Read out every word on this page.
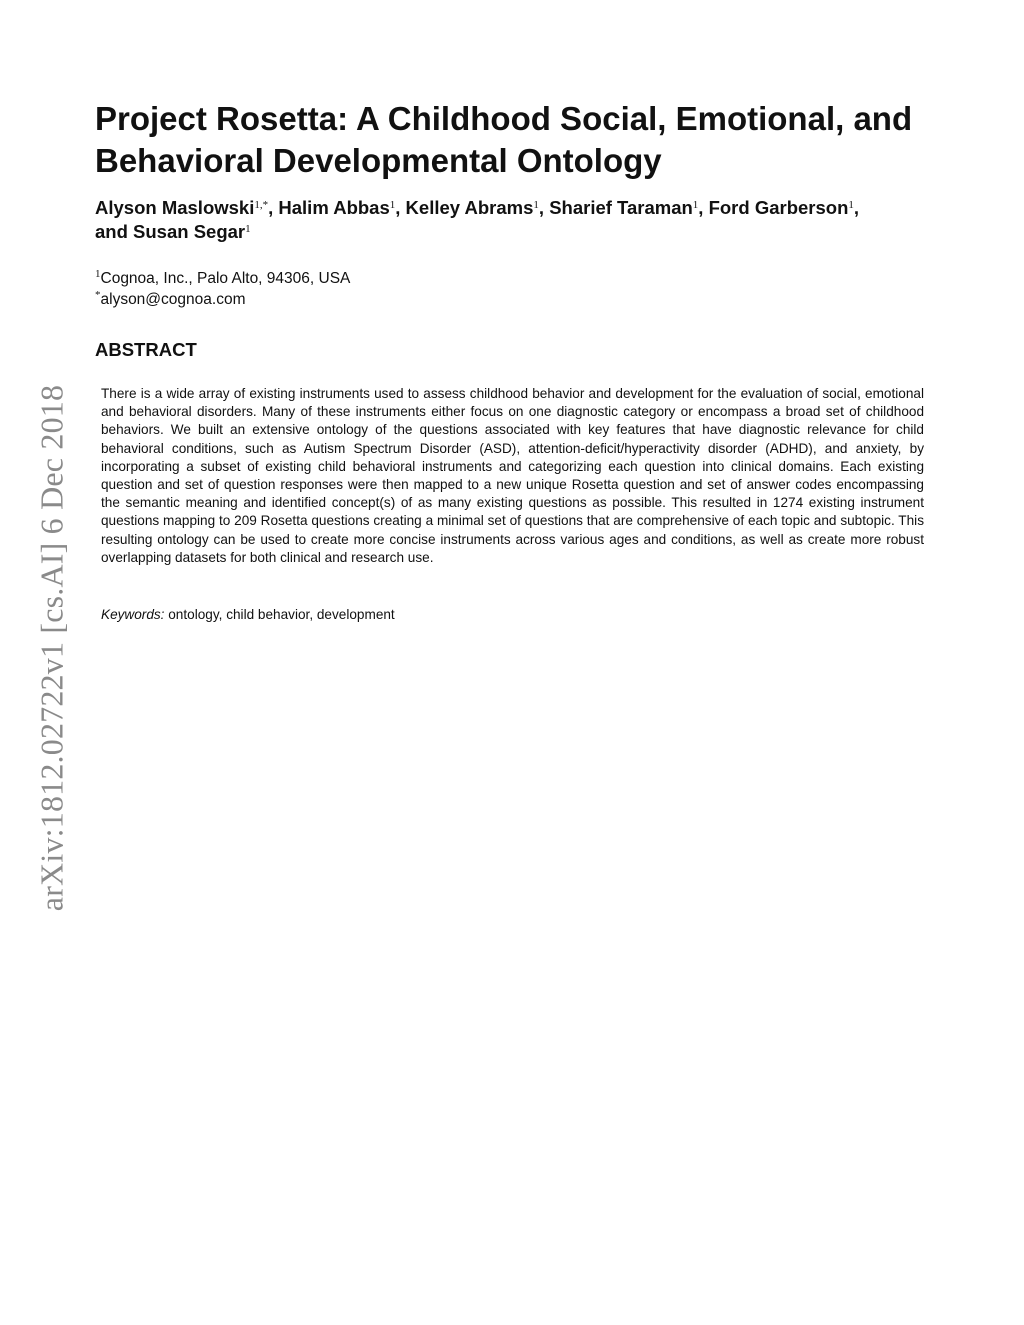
arXiv:1812.02722v1 [cs.AI] 6 Dec 2018
Project Rosetta: A Childhood Social, Emotional, and
Behavioral Developmental Ontology
Alyson Maslowski$^{1,*}$, Halim Abbas$^1$, Kelley Abrams$^1$, Sharief Taraman$^1$, Ford Garberson$^1$, and Susan Segar$^1$
$^1$Cognoa, Inc., Palo Alto, 94306, USA
*alyson@cognoa.com
ABSTRACT

There is a wide array of existing instruments used to assess childhood behavior and development for the evaluation of social, emotional and behavioral disorders. Many of these instruments either focus on one diagnostic category or encompass a broad set of childhood behaviors. We built an extensive ontology of the questions associated with key features that have diagnostic relevance for child behavioral conditions, such as Autism Spectrum Disorder (ASD), attention-deficit/hyperactivity disorder (ADHD), and anxiety, by incorporating a subset of existing child behavioral instruments and categorizing each question into clinical domains. Each existing question and set of question responses were then mapped to a new unique Rosetta question and set of answer codes encompassing the semantic meaning and identified concept(s) of as many existing questions as possible. This resulted in 1274 existing instrument questions mapping to 209 Rosetta questions creating a minimal set of questions that are comprehensive of each topic and subtopic. This resulting ontology can be used to create more concise instruments across various ages and conditions, as well as create more robust overlapping datasets for both clinical and research use.

Keywords: ontology, child behavior, development
